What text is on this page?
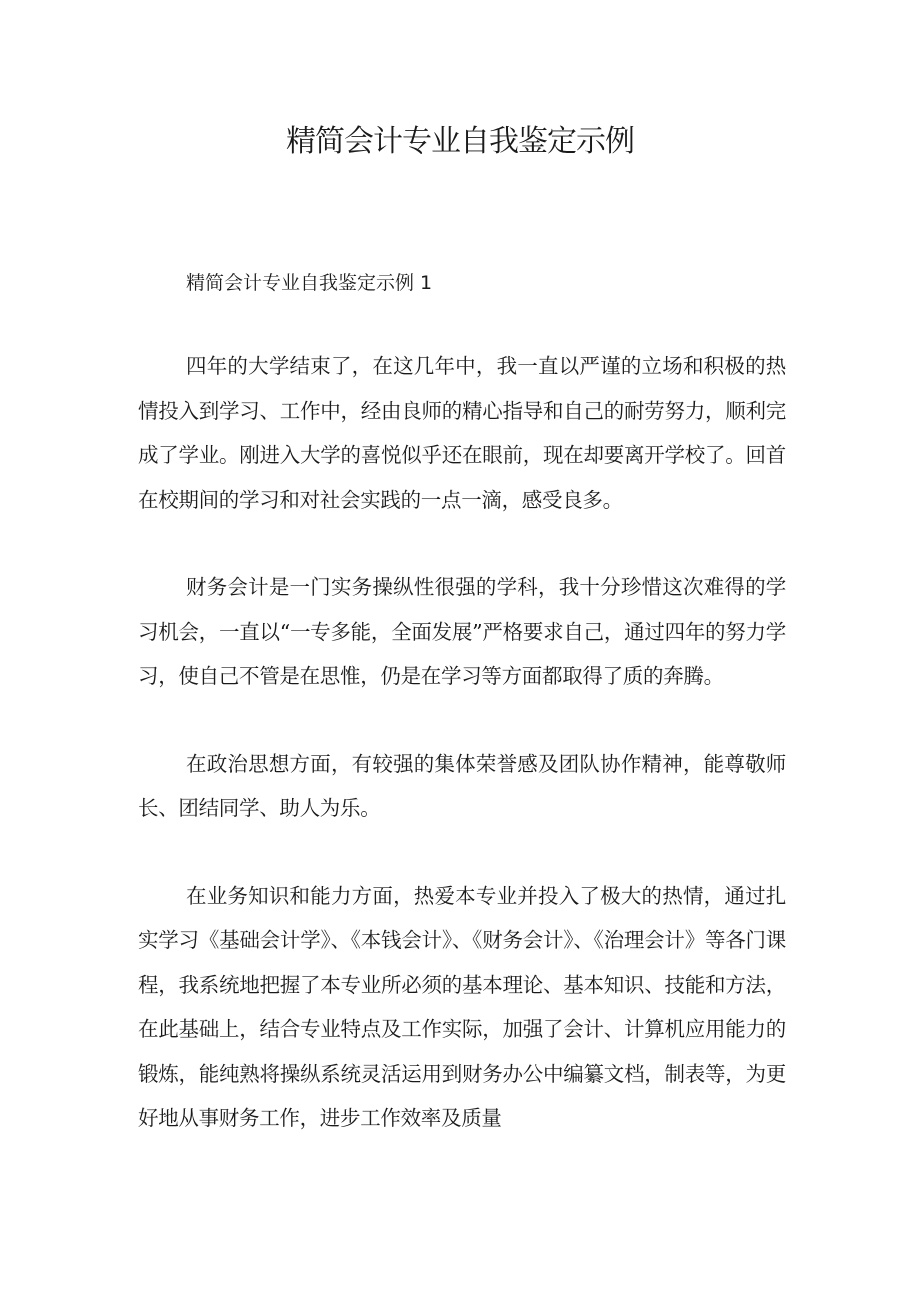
精简会计专业自我鉴定示例

精简会计专业自我鉴定示例 1

四年的大学结束了，在这几年中，我一直以严谨的立场和积极的热情投入到学习、工作中，经由良师的精心指导和自己的耐劳努力，顺利完成了学业。刚进入大学的喜悦似乎还在眼前，现在却要离开学校了。回首在校期间的学习和对社会实践的一点一滴，感受良多。

财务会计是一门实务操纵性很强的学科，我十分珍惜这次难得的学习机会，一直以“一专多能，全面发展”严格要求自己，通过四年的努力学习，使自己不管是在思惟，仍是在学习等方面都取得了质的奔腾。

在政治思想方面，有较强的集体荣誉感及团队协作精神，能尊敬师长、团结同学、助人为乐。

在业务知识和能力方面，热爱本专业并投入了极大的热情，通过扎实学习《基础会计学》、《本钱会计》、《财务会计》、《治理会计》等各门课程，我系统地把握了本专业所必须的基本理论、基本知识、技能和方法，在此基础上，结合专业特点及工作实际，加强了会计、计算机应用能力的锻炼，能纯熟将操纵系统灵活运用到财务办公中编纂文档，制表等，为更好地从事财务工作，进步工作效率及质量
